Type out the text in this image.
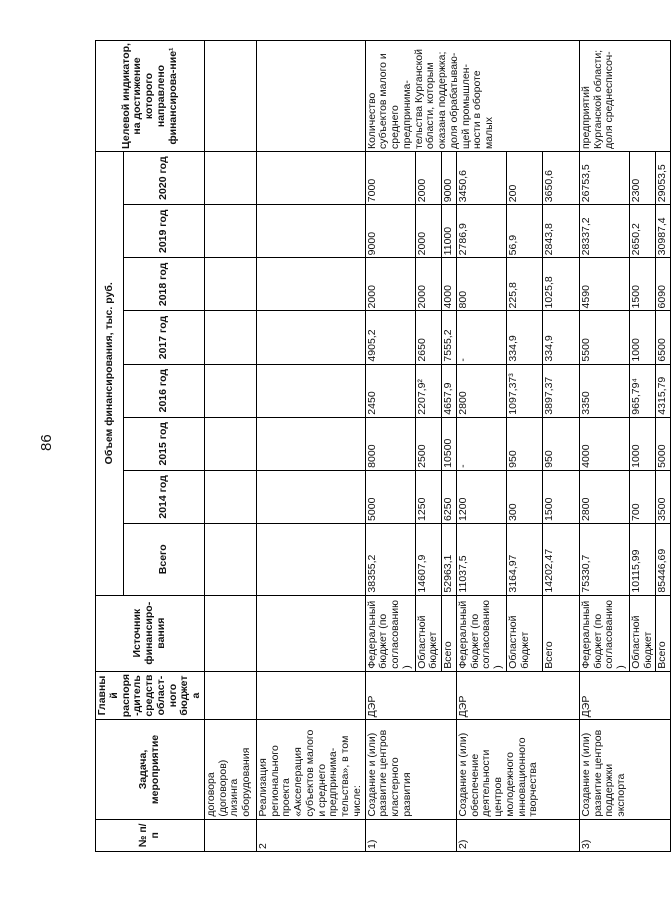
86
№ п/п	Задача, мероприятие	Главный распоря-дитель средств област-ного бюджета	Источник финансиро-вания	Объем финансирования, тыс. руб.								Целевой индикатор, на достижение которого направлено финансирова-ние¹
				Всего	2014 год	2015 год	2016 год	2017 год	2018 год	2019 год	2020 год	
	договора (договоров) лизинга оборудования											
2	Реализация регионального проекта «Акселерация субъектов малого и среднего предпринима-тельства», в том числе:											
1)	Создание и (или) развитие центров кластерного развития	ДЭР	Федеральный бюджет (по согласованию)	38355,2	5000	8000	2450	4905,2	2000	9000	7000	Количество субъектов малого и среднего предпринима-тельства Курганской области, которым оказана поддержка; доля обрабатываю-щей промышлен-ности в обороте малых
			Областной бюджет	14607,9	1250	2500	2207,9²	2650	2000	2000	2000	
			Всего	52963,1	6250	10500	4657,9	7555,2	4000	11000	9000	
2)	Создание и (или) обеспечение деятельности центров молодежного инновационного творчества	ДЭР	Федеральный бюджет (по согласованию)	11037,5	1200	-	2800	-	800	2786,9	3450,6	
			Областной бюджет	3164,97	300	950	1097,37³	334,9	225,8	56,9	200	
			Всего	14202,47	1500	950	3897,37	334,9	1025,8	2843,8	3650,6	
3)	Создание и (или) развитие центров поддержки экспорта	ДЭР	Федеральный бюджет (по согласованию)	75330,7	2800	4000	3350	5500	4590	28337,2	26753,5	предприятий Курганской области; доля среднесписоч-
			Областной бюджет	10115,99	700	1000	965,79⁴	1000	1500	2650,2	2300	
			Всего	85446,69	3500	5000	4315,79	6500	6090	30987,4	29053,5	
